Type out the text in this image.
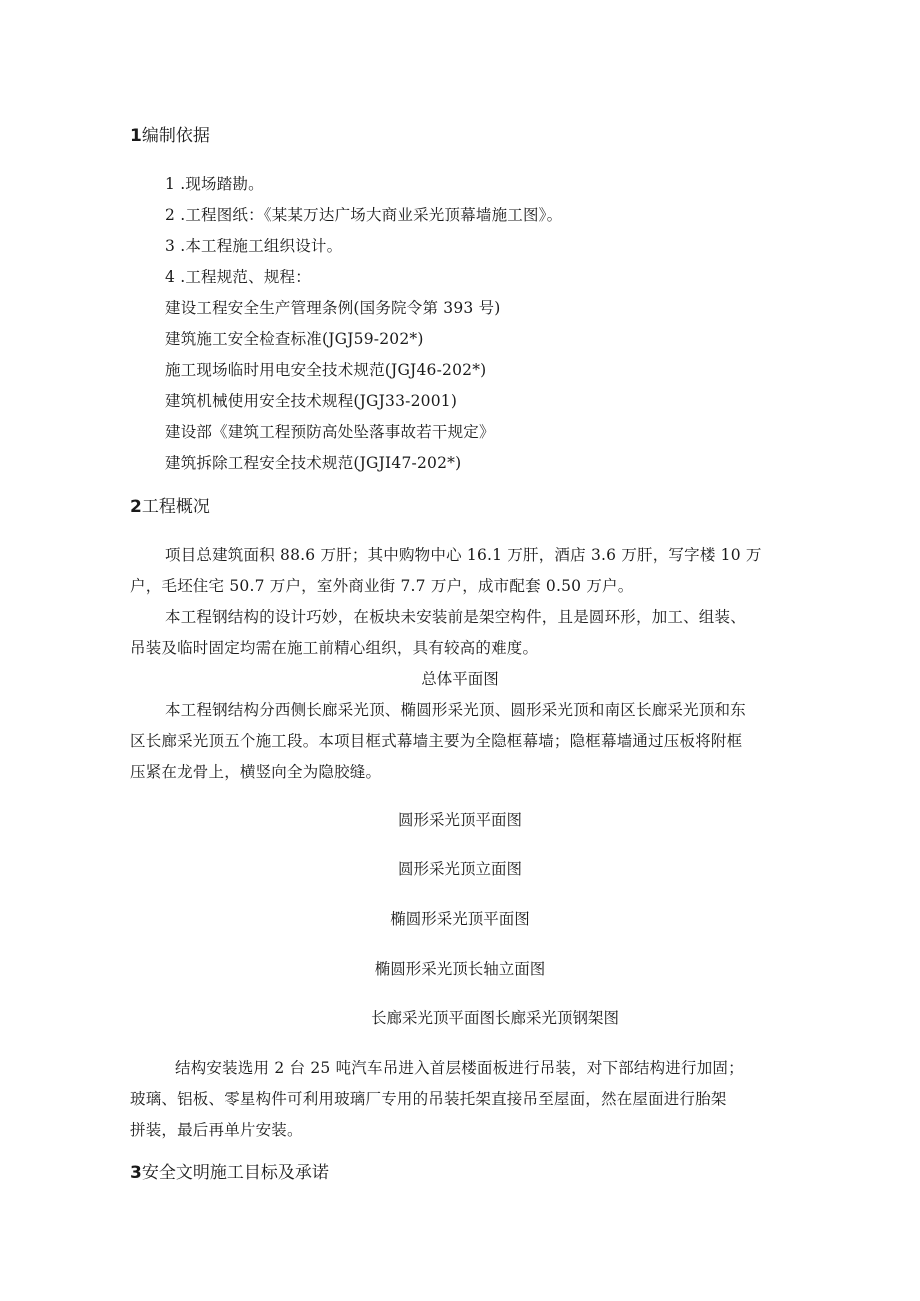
1编制依据
1 .现场踏勘。
2 .工程图纸：《某某万达广场大商业采光顶幕墙施工图》。
3 .本工程施工组织设计。
4 .工程规范、规程：
建设工程安全生产管理条例(国务院令第 393 号)
建筑施工安全检查标准(JGJ59-202*)
施工现场临时用电安全技术规范(JGJ46-202*)
建筑机械使用安全技术规程(JGJ33-2001)
建设部《建筑工程预防高处坠落事故若干规定》
建筑拆除工程安全技术规范(JGJI47-202*)
2工程概况
项目总建筑面积 88.6 万肝；其中购物中心 16.1 万肝，酒店 3.6 万肝，写字楼 10 万
户，毛坯住宅 50.7 万户，室外商业街 7.7 万户，成市配套 0.50 万户。
本工程钢结构的设计巧妙，在板块未安装前是架空构件，且是圆环形，加工、组装、
吊装及临时固定均需在施工前精心组织，具有较高的难度。
总体平面图
本工程钢结构分西侧长廊采光顶、椭圆形采光顶、圆形采光顶和南区长廊采光顶和东
区长廊采光顶五个施工段。本项目框式幕墙主要为全隐框幕墙；隐框幕墙通过压板将附框
压紧在龙骨上，横竖向全为隐胶缝。
圆形采光顶平面图
圆形采光顶立面图
椭圆形采光顶平面图
椭圆形采光顶长轴立面图
长廊采光顶平面图长廊采光顶钢架图
结构安装选用 2 台 25 吨汽车吊进入首层楼面板进行吊装，对下部结构进行加固；
玻璃、铝板、零星构件可利用玻璃厂专用的吊装托架直接吊至屋面，然在屋面进行胎架
拼装，最后再单片安装。
3安全文明施工目标及承诺
